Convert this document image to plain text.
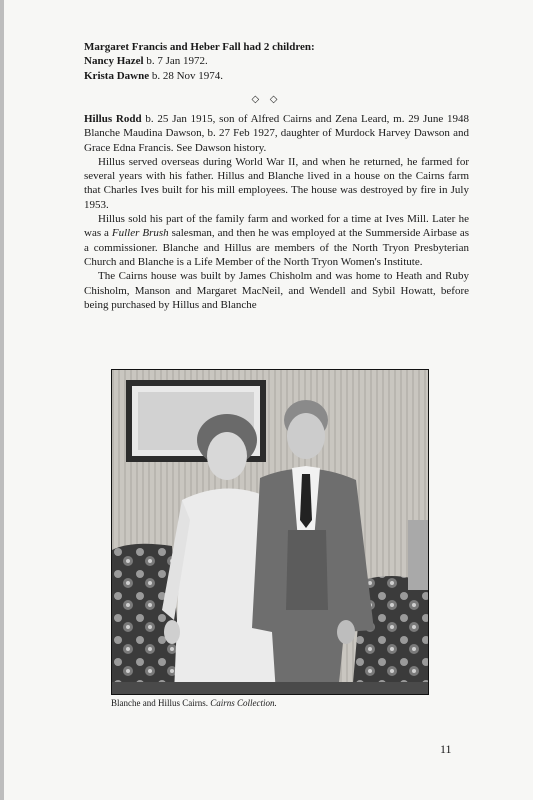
Margaret Francis and Heber Fall had 2 children:
Nancy Hazel b. 7 Jan 1972.
Krista Dawne b. 28 Nov 1974.
◇ ◇

Hillus Rodd b. 25 Jan 1915, son of Alfred Cairns and Zena Leard, m. 29 June 1948 Blanche Maudina Dawson, b. 27 Feb 1927, daughter of Murdock Harvey Dawson and Grace Edna Francis. See Dawson history.

Hillus served overseas during World War II, and when he returned, he farmed for several years with his father. Hillus and Blanche lived in a house on the Cairns farm that Charles Ives built for his mill employees. The house was destroyed by fire in July 1953.

Hillus sold his part of the family farm and worked for a time at Ives Mill. Later he was a Fuller Brush salesman, and then he was employed at the Summerside Airbase as a commissioner. Blanche and Hillus are members of the North Tryon Presbyterian Church and Blanche is a Life Member of the North Tryon Women's Institute.

The Cairns house was built by James Chisholm and was home to Heath and Ruby Chisholm, Manson and Margaret MacNeil, and Wendell and Sybil Howatt, before being purchased by Hillus and Blanche

Blanche and Hillus Cairns. Cairns Collection.
11
